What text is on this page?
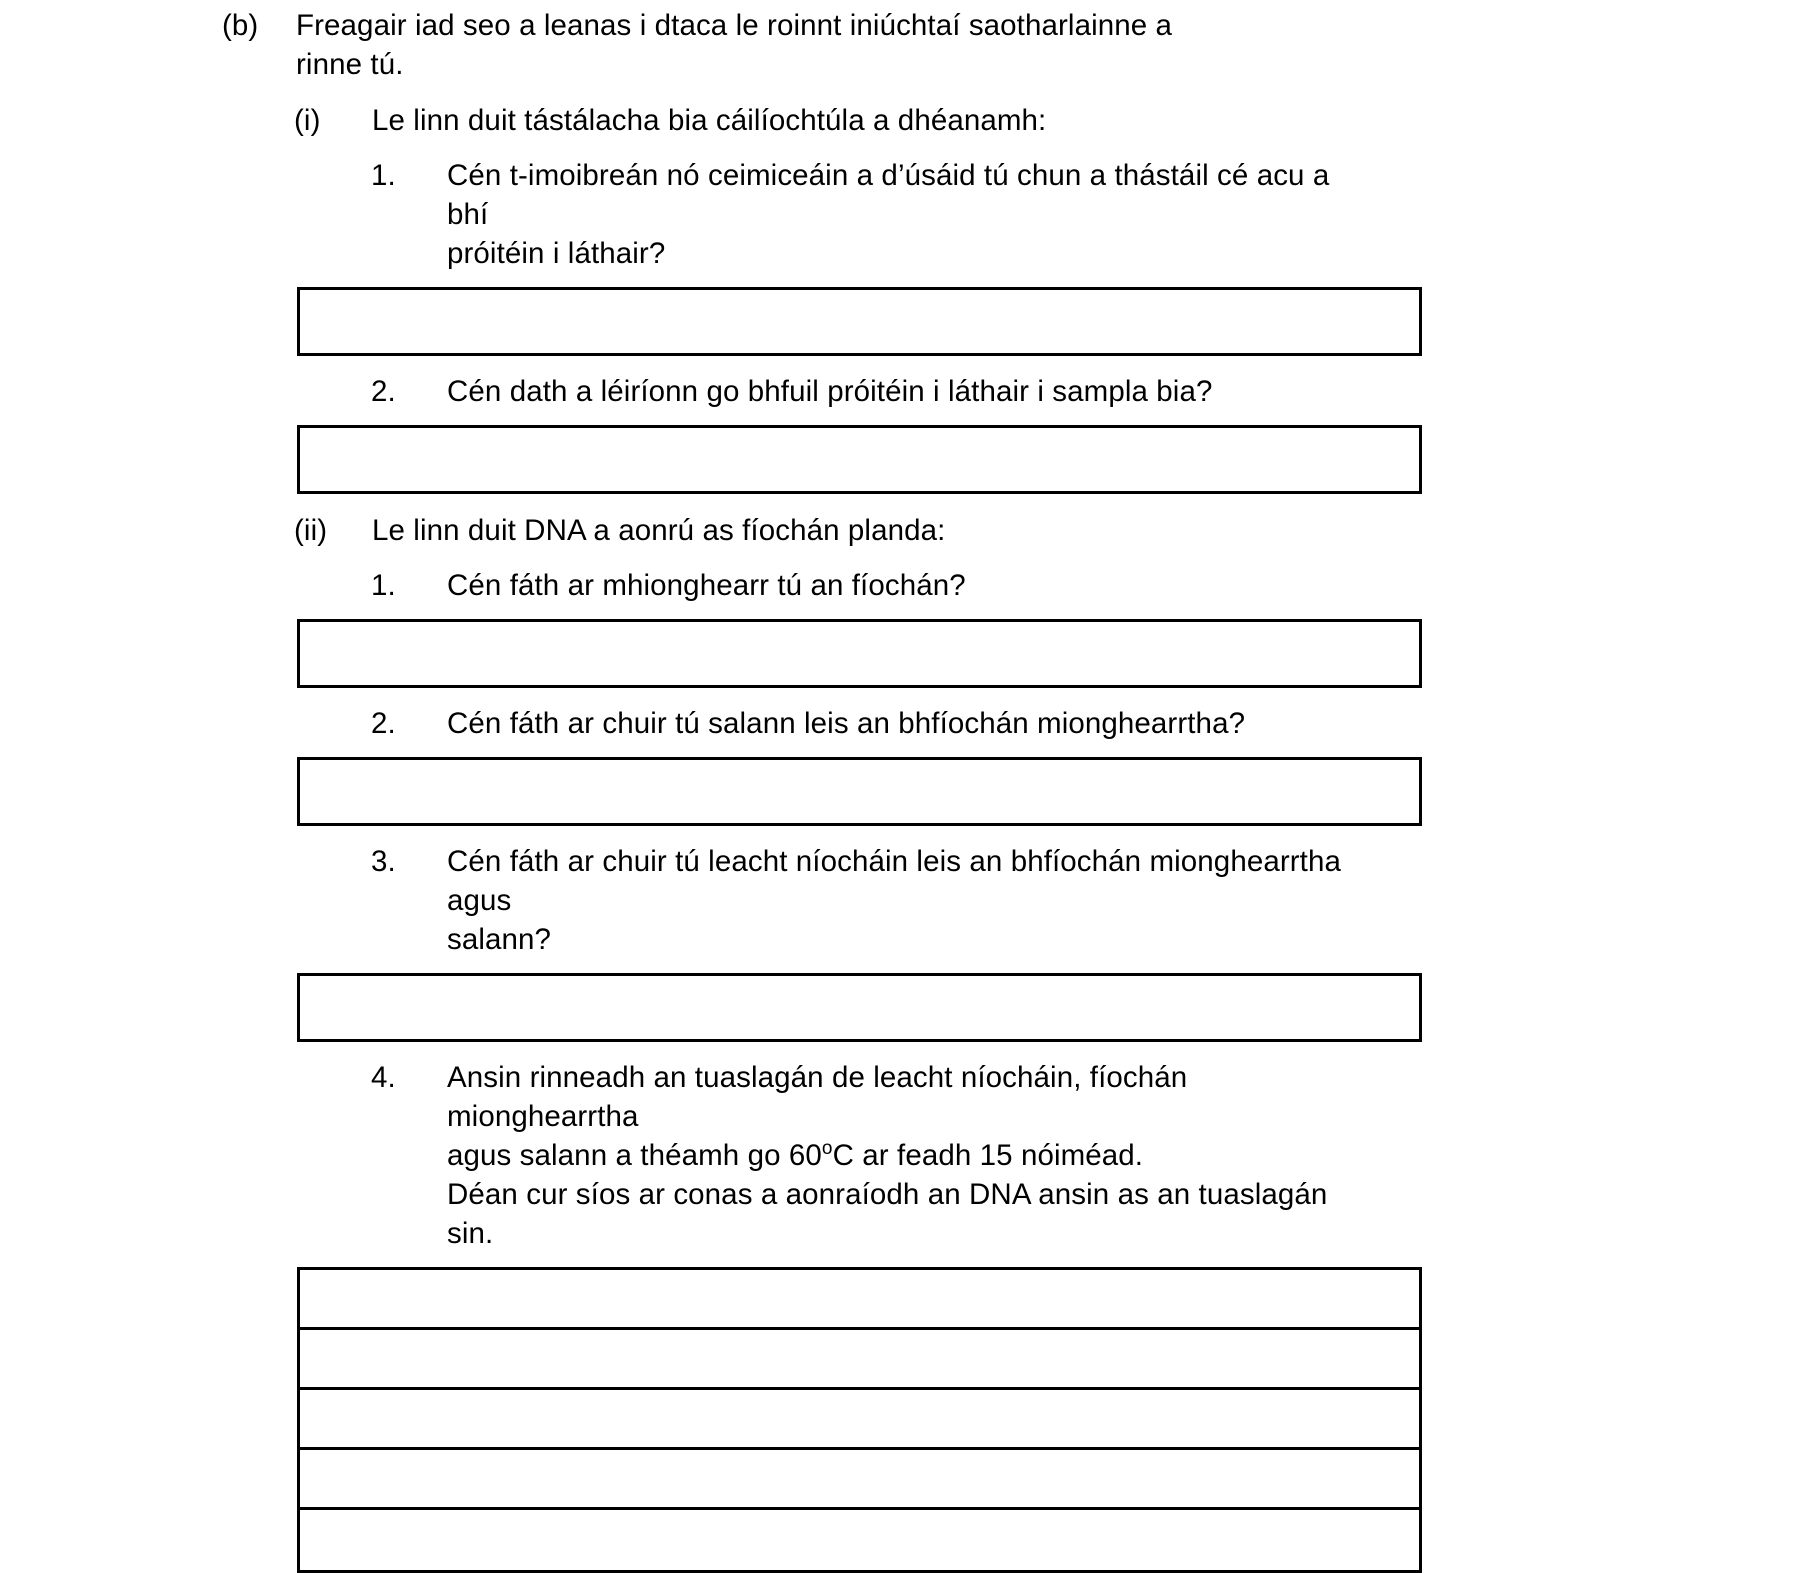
(b)	Freagair iad seo a leanas i dtaca le roinnt iniúchtaí saotharlainne a rinne tú.
(i)	Le linn duit tástálacha bia cáilíochtúla a dhéanamh:
1.	Cén t-imoibreán nó ceimiceáin a d’úsáid tú chun a thástáil cé acu a bhí
próitéin i láthair?
2.	Cén dath a léiríonn go bhfuil próitéin i láthair i sampla bia?
(ii)	Le linn duit DNA a aonrú as fíochán planda:
1.	Cén fáth ar mhionghearr tú an fíochán?
2.	Cén fáth ar chuir tú salann leis an bhfíochán mionghearrtha?
3.	Cén fáth ar chuir tú leacht níocháin leis an bhfíochán mionghearrtha agus
salann?
4.	Ansin rinneadh an tuaslagán de leacht níocháin, fíochán mionghearrtha
agus salann a théamh go 60$^o$C ar feadh 15 nóiméad.
Déan cur síos ar conas a aonraíodh an DNA ansin as an tuaslagán sin.
